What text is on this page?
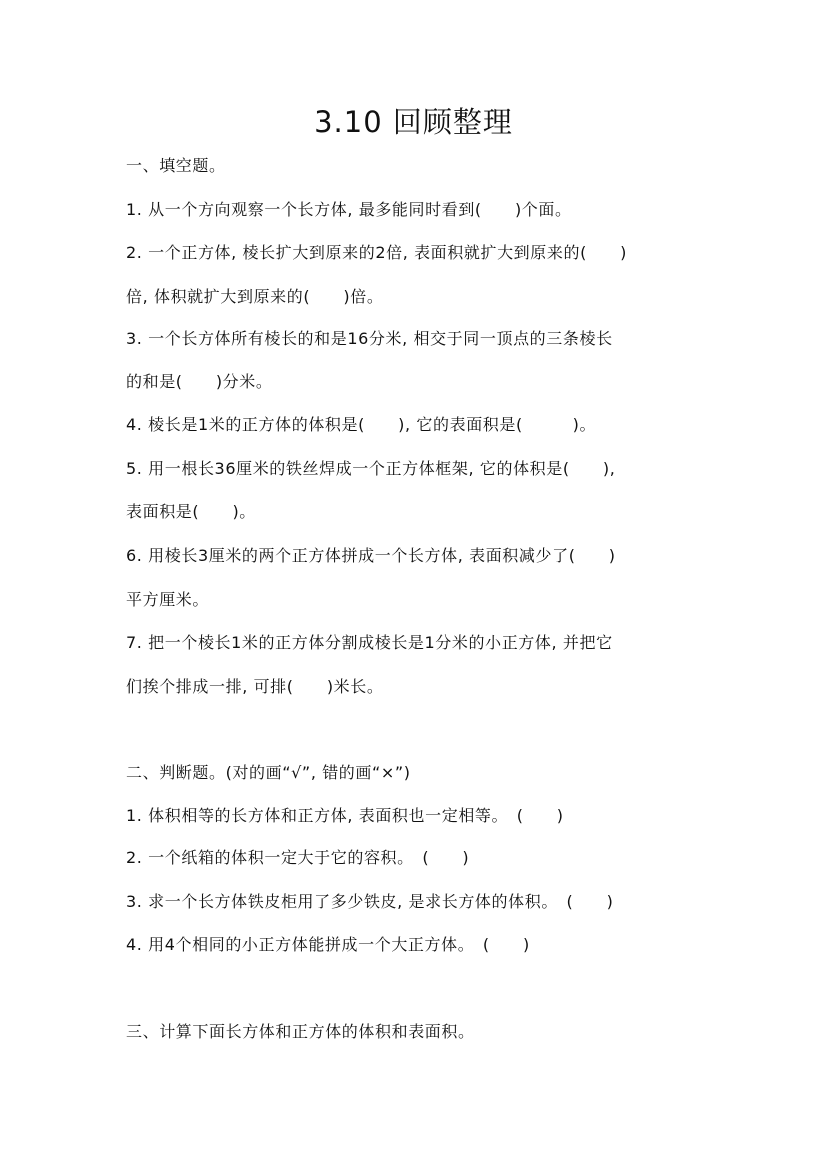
3.10 回顾整理
一、填空题。
1. 从一个方向观察一个长方体, 最多能同时看到(　　)个面。
2. 一个正方体, 棱长扩大到原来的2倍, 表面积就扩大到原来的(　　)
倍, 体积就扩大到原来的(　　)倍。
3. 一个长方体所有棱长的和是16分米, 相交于同一顶点的三条棱长
的和是(　　)分米。
4. 棱长是1米的正方体的体积是(　　), 它的表面积是(　　　)。
5. 用一根长36厘米的铁丝焊成一个正方体框架, 它的体积是(　　),
表面积是(　　)。
6. 用棱长3厘米的两个正方体拼成一个长方体, 表面积减少了(　　)
平方厘米。
7. 把一个棱长1米的正方体分割成棱长是1分米的小正方体, 并把它
们挨个排成一排, 可排(　　)米长。
二、判断题。(对的画“√”, 错的画“×”)
1. 体积相等的长方体和正方体, 表面积也一定相等。　(　　)
2. 一个纸箱的体积一定大于它的容积。　(　　)
3. 求一个长方体铁皮柜用了多少铁皮, 是求长方体的体积。　(　　)
4. 用4个相同的小正方体能拼成一个大正方体。　(　　)
三、计算下面长方体和正方体的体积和表面积。
